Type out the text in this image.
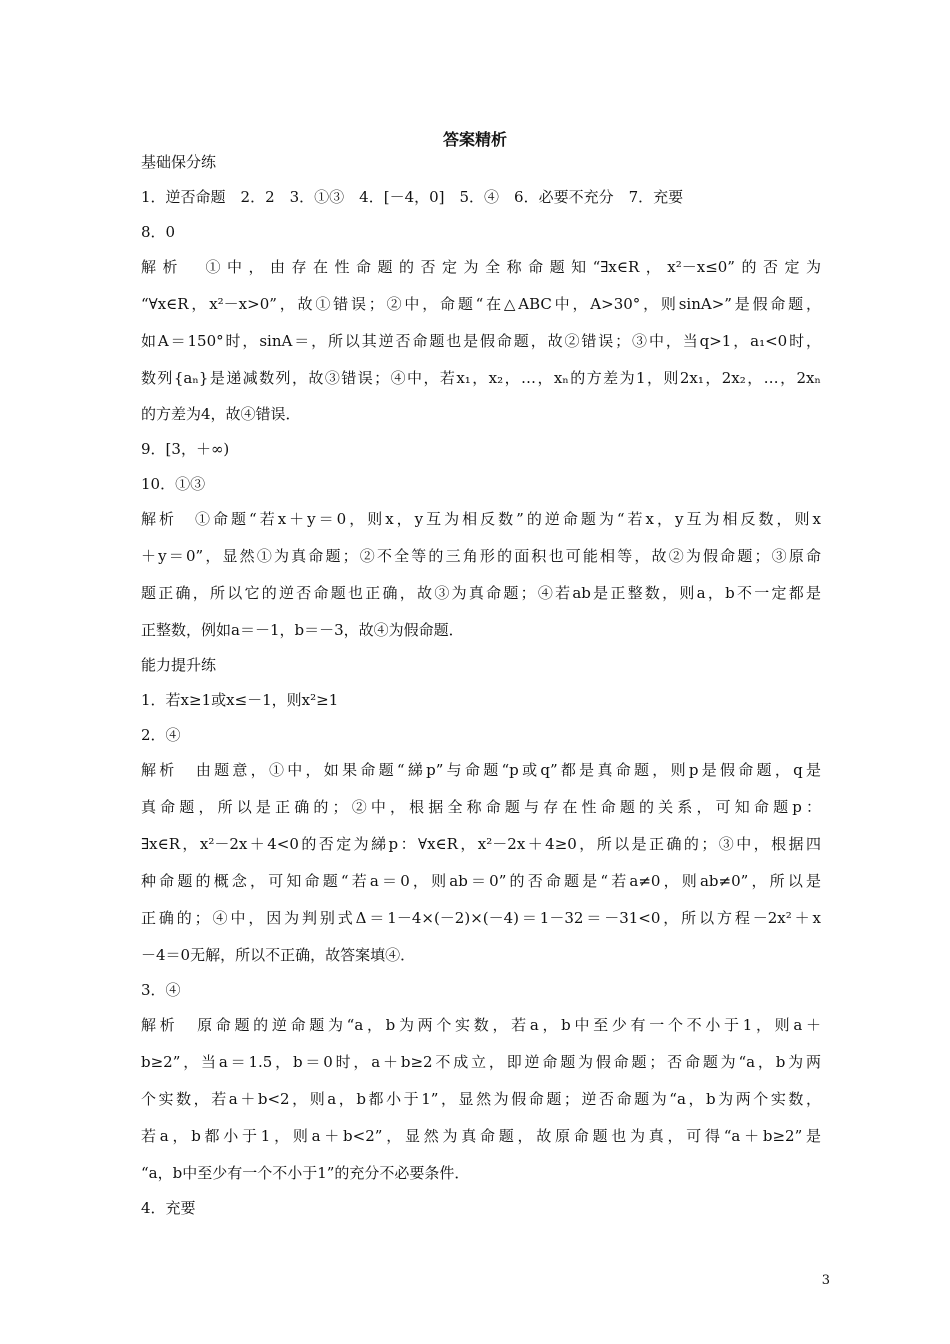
答案精析
基础保分练
1．逆否命题　2．2　3．①③　4．[－4，0]　5．④　6．必要不充分　7．充要
8．0
解析　①中，由存在性命题的否定为全称命题知“∃x∈R，x²－x≤0”的否定为
“∀x∈R，x²－x>0”，故①错误；②中，命题“在△ABC中，A>30°，则sinA>”是假命题，
如A＝150°时，sinA＝，所以其逆否命题也是假命题，故②错误；③中，当q>1，a₁<0时，
数列{aₙ}是递减数列，故③错误；④中，若x₁，x₂，…，xₙ的方差为1，则2x₁，2x₂，…，2xₙ
的方差为4，故④错误．
9．[3，＋∞)
10．①③
解析　①命题“若x＋y＝0，则x，y互为相反数”的逆命题为“若x，y互为相反数，则x
＋y＝0”，显然①为真命题；②不全等的三角形的面积也可能相等，故②为假命题；③原命
题正确，所以它的逆否命题也正确，故③为真命题；④若ab是正整数，则a，b不一定都是
正整数，例如a＝－1，b＝－3，故④为假命题．
能力提升练
1．若x≥1或x≤－1，则x²≥1
2．④
解析　由题意，①中，如果命题“綈p”与命题“p或q”都是真命题，则p是假命题，q是
真命题，所以是正确的；②中，根据全称命题与存在性命题的关系，可知命题p：
∃x∈R，x²－2x＋4<0的否定为綈p：∀x∈R，x²－2x＋4≥0，所以是正确的；③中，根据四
种命题的概念，可知命题“若a＝0，则ab＝0”的否命题是“若a≠0，则ab≠0”，所以是
正确的；④中，因为判别式Δ＝1－4×(－2)×(－4)＝1－32＝－31<0，所以方程－2x²＋x
－4＝0无解，所以不正确，故答案填④．
3．④
解析　原命题的逆命题为“a，b为两个实数，若a，b中至少有一个不小于1，则a＋
b≥2”，当a＝1.5，b＝0时，a＋b≥2不成立，即逆命题为假命题；否命题为“a，b为两
个实数，若a＋b<2，则a，b都小于1”，显然为假命题；逆否命题为“a，b为两个实数，
若a，b都小于1，则a＋b<2”，显然为真命题，故原命题也为真，可得“a＋b≥2”是
“a，b中至少有一个不小于1”的充分不必要条件．
4．充要
3
